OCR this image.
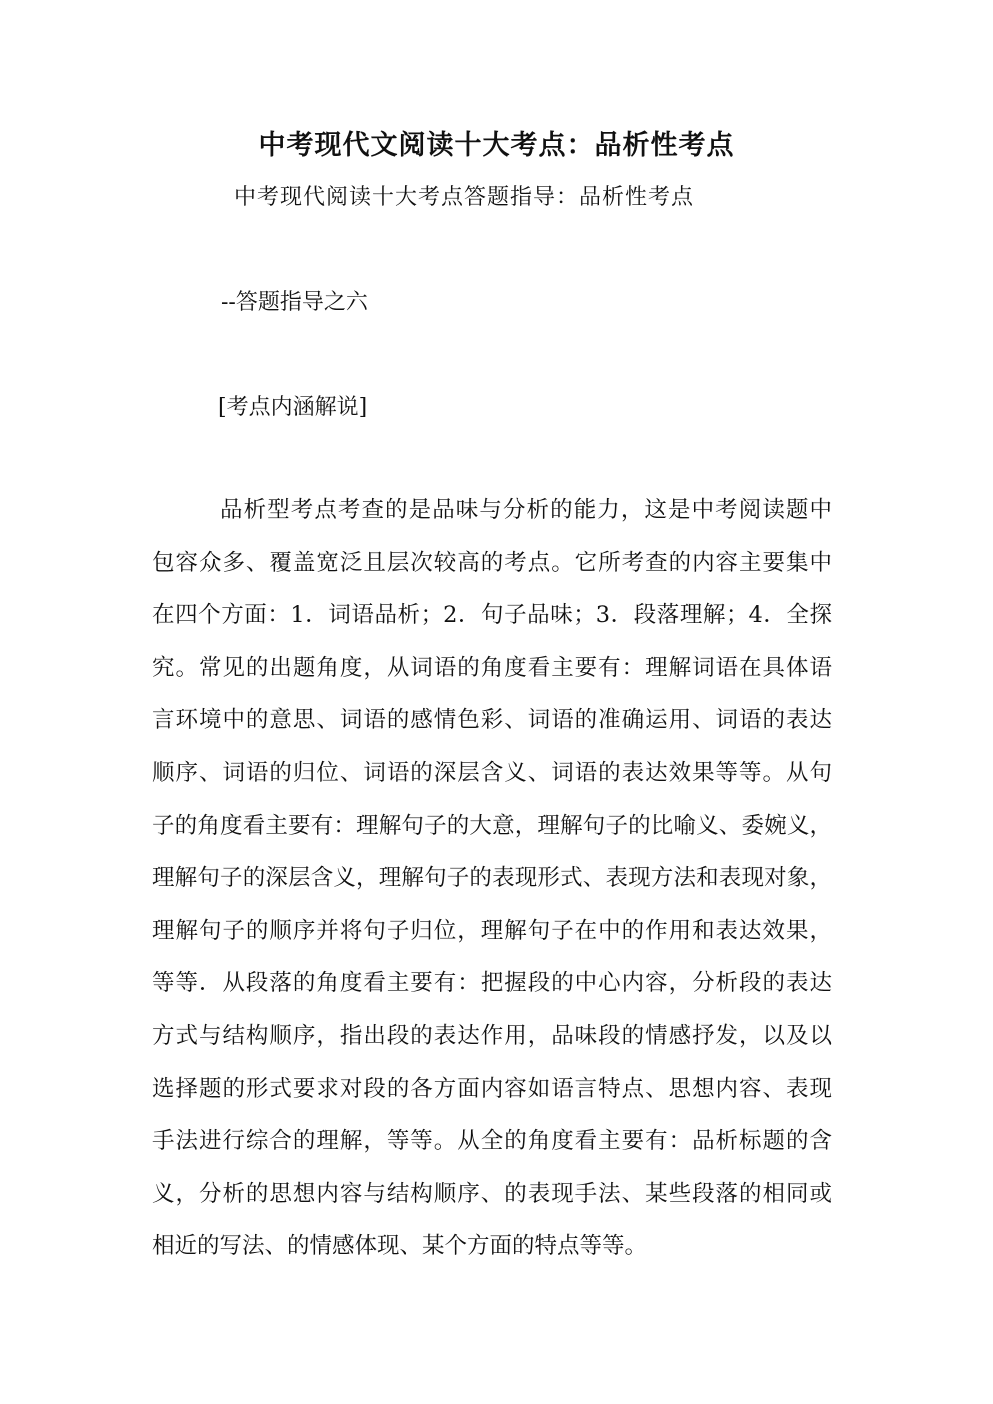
中考现代文阅读十大考点：品析性考点
中考现代阅读十大考点答题指导：品析性考点
--答题指导之六
[考点内涵解说]
品析型考点考查的是品味与分析的能力，这是中考阅读题中
包容众多、覆盖宽泛且层次较高的考点。它所考查的内容主要集中
在四个方面：1．词语品析；2．句子品味；3．段落理解；4．全探
究。常见的出题角度，从词语的角度看主要有：理解词语在具体语
言环境中的意思、词语的感情色彩、词语的准确运用、词语的表达
顺序、词语的归位、词语的深层含义、词语的表达效果等等。从句
子的角度看主要有：理解句子的大意，理解句子的比喻义、委婉义，
理解句子的深层含义，理解句子的表现形式、表现方法和表现对象，
理解句子的顺序并将句子归位，理解句子在中的作用和表达效果，
等等．从段落的角度看主要有：把握段的中心内容，分析段的表达
方式与结构顺序，指出段的表达作用，品味段的情感抒发，以及以
选择题的形式要求对段的各方面内容如语言特点、思想内容、表现
手法进行综合的理解，等等。从全的角度看主要有：品析标题的含
义，分析的思想内容与结构顺序、的表现手法、某些段落的相同或
相近的写法、的情感体现、某个方面的特点等等。
